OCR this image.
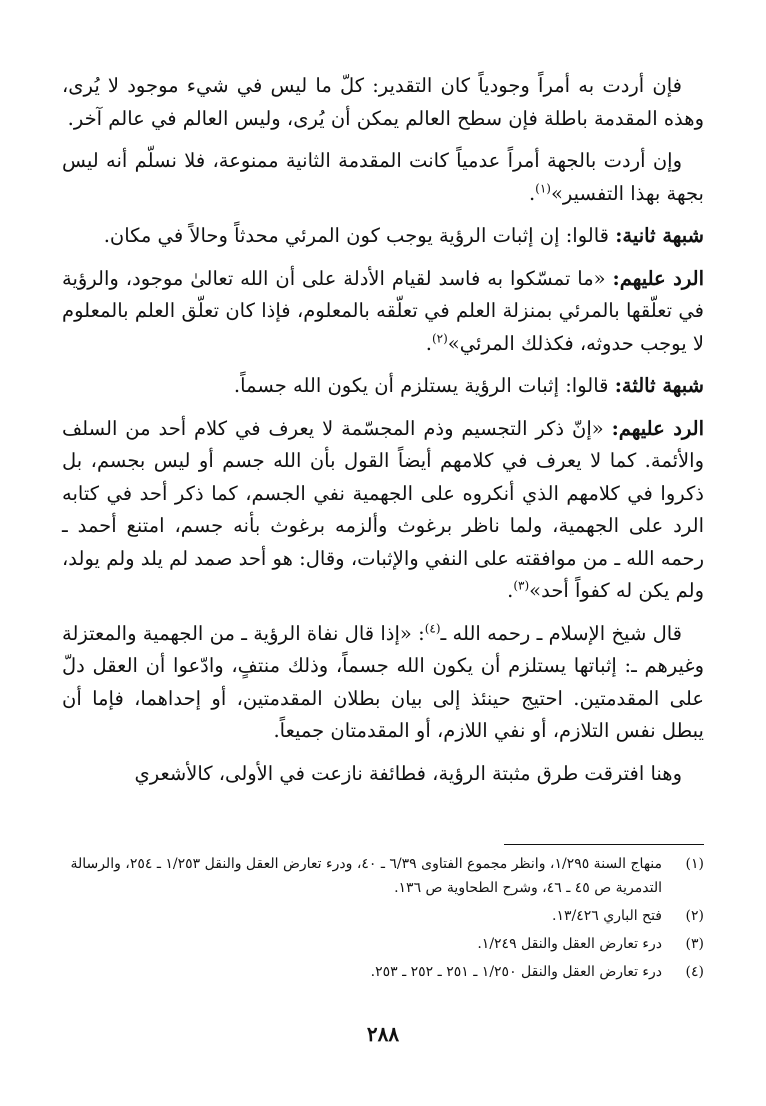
فإن أردت به أمراً وجودياً كان التقدير: كلّ ما ليس في شيء موجود لا يُرى، وهذه المقدمة باطلة فإن سطح العالم يمكن أن يُرى، وليس العالم في عالم آخر.

وإن أردت بالجهة أمراً عدمياً كانت المقدمة الثانية ممنوعة، فلا نسلّم أنه ليس بجهة بهذا التفسير»$^{(١)}$.

شبهة ثانية: قالوا: إن إثبات الرؤية يوجب كون المرئي محدثاً وحالاً في مكان.

الرد عليهم: «ما تمسّكوا به فاسد لقيام الأدلة على أن الله تعالىٰ موجود، والرؤية في تعلّقها بالمرئي بمنزلة العلم في تعلّقه بالمعلوم، فإذا كان تعلّق العلم بالمعلوم لا يوجب حدوثه، فكذلك المرئي»$^{(٢)}$.

شبهة ثالثة: قالوا: إثبات الرؤية يستلزم أن يكون الله جسماً.

الرد عليهم: «إنّ ذكر التجسيم وذم المجسّمة لا يعرف في كلام أحد من السلف والأئمة. كما لا يعرف في كلامهم أيضاً القول بأن الله جسم أو ليس بجسم، بل ذكروا في كلامهم الذي أنكروه على الجهمية نفي الجسم، كما ذكر أحد في كتابه الرد على الجهمية، ولما ناظر برغوث وألزمه برغوث بأنه جسم، امتنع أحمد ـ رحمه الله ـ من موافقته على النفي والإثبات، وقال: هو أحد صمد لم يلد ولم يولد، ولم يكن له كفواً أحد»$^{(٣)}$.

قال شيخ الإسلام ـ رحمه الله ـ$^{(٤)}$: «إذا قال نفاة الرؤية ـ من الجهمية والمعتزلة وغيرهم ـ: إثباتها يستلزم أن يكون الله جسماً، وذلك منتفٍ، وادّعوا أن العقل دلّ على المقدمتين. احتيج حينئذ إلى بيان بطلان المقدمتين، أو إحداهما، فإما أن يبطل نفس التلازم، أو نفي اللازم، أو المقدمتان جميعاً.

وهنا افترقت طرق مثبتة الرؤية، فطائفة نازعت في الأولى، كالأشعري

(١)
منهاج السنة ١/٢٩٥، وانظر مجموع الفتاوى ٦/٣٩ ـ ٤٠، ودرء تعارض العقل والنقل ١/٢٥٣ ـ ٢٥٤، والرسالة التدمرية ص ٤٥ ـ ٤٦، وشرح الطحاوية ص ١٣٦.
(٢)
فتح الباري ١٣/٤٢٦.
(٣)
درء تعارض العقل والنقل ١/٢٤٩.
(٤)
درء تعارض العقل والنقل ١/٢٥٠ ـ ٢٥١ ـ ٢٥٢ ـ ٢٥٣.
٢٨٨
